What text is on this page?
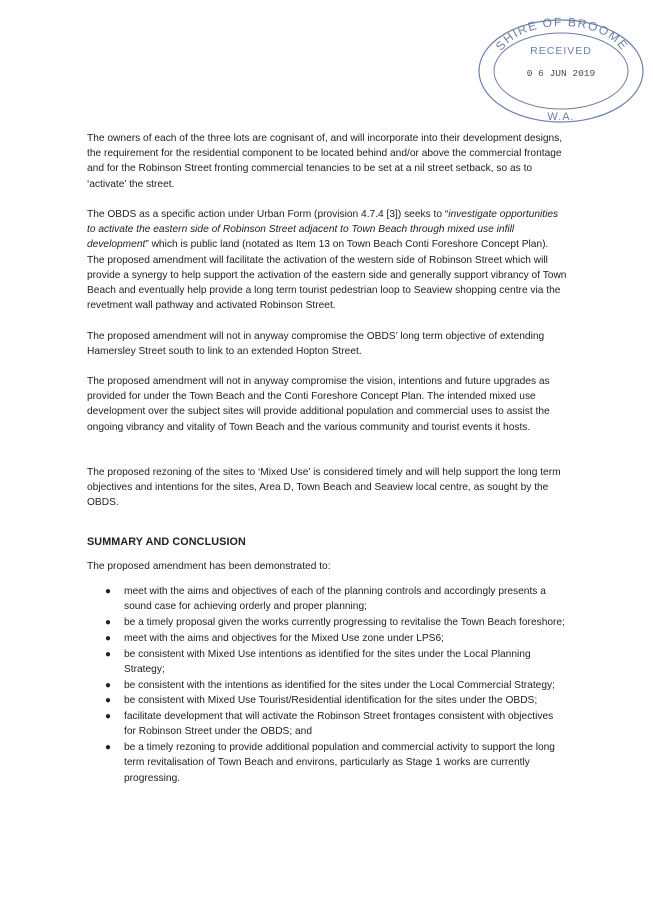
SHIRE OF BROOME
RECEIVED
0 6 JUN 2019
W.A.

The owners of each of the three lots are cognisant of, and will incorporate into their development designs, the requirement for the residential component to be located behind and/or above the commercial frontage and for the Robinson Street fronting commercial tenancies to be set at a nil street setback, so as to ‘activate’ the street.

The OBDS as a specific action under Urban Form (provision 4.7.4 [3]) seeks to “investigate opportunities to activate the eastern side of Robinson Street adjacent to Town Beach through mixed use infill development” which is public land (notated as Item 13 on Town Beach Conti Foreshore Concept Plan). The proposed amendment will facilitate the activation of the western side of Robinson Street which will provide a synergy to help support the activation of the eastern side and generally support vibrancy of Town Beach and eventually help provide a long term tourist pedestrian loop to Seaview shopping centre via the revetment wall pathway and activated Robinson Street.

The proposed amendment will not in anyway compromise the OBDS’ long term objective of extending Hamersley Street south to link to an extended Hopton Street.

The proposed amendment will not in anyway compromise the vision, intentions and future upgrades as provided for under the Town Beach and the Conti Foreshore Concept Plan. The intended mixed use development over the subject sites will provide additional population and commercial uses to assist the ongoing vibrancy and vitality of Town Beach and the various community and tourist events it hosts.

The proposed rezoning of the sites to ‘Mixed Use’ is considered timely and will help support the long term objectives and intentions for the sites, Area D, Town Beach and Seaview local centre, as sought by the OBDS.

SUMMARY AND CONCLUSION

The proposed amendment has been demonstrated to:

● meet with the aims and objectives of each of the planning controls and accordingly presents a sound case for achieving orderly and proper planning;
● be a timely proposal given the works currently progressing to revitalise the Town Beach foreshore;
● meet with the aims and objectives for the Mixed Use zone under LPS6;
● be consistent with Mixed Use intentions as identified for the sites under the Local Planning Strategy;
● be consistent with the intentions as identified for the sites under the Local Commercial Strategy;
● be consistent with Mixed Use Tourist/Residential identification for the sites under the OBDS;
● facilitate development that will activate the Robinson Street frontages consistent with objectives for Robinson Street under the OBDS; and
● be a timely rezoning to provide additional population and commercial activity to support the long term revitalisation of Town Beach and environs, particularly as Stage 1 works are currently progressing.
